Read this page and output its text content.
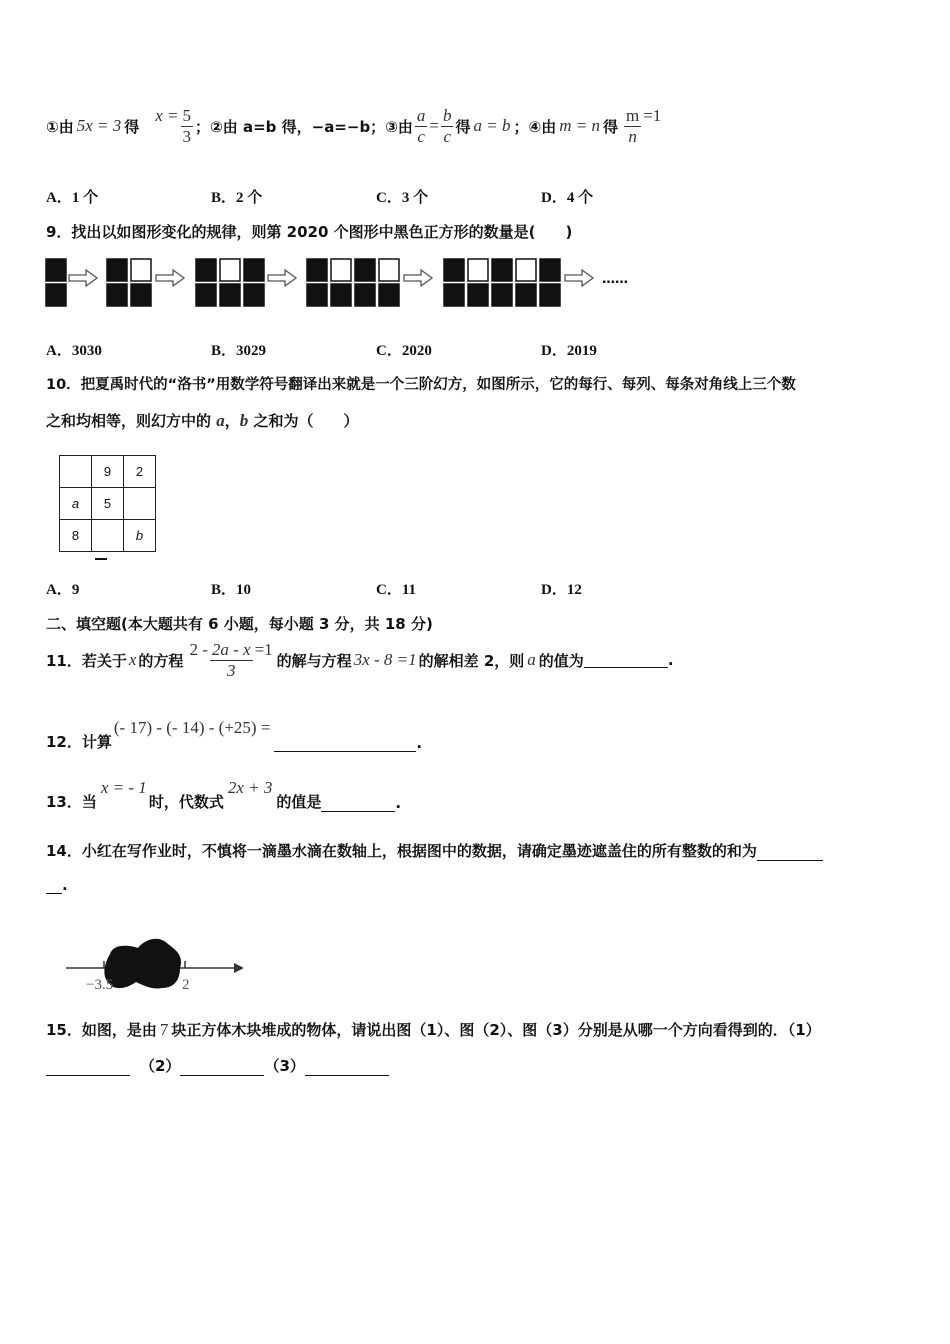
①由 5x = 3 得
$x = \frac{5}{3}$ ； ②由 a=b 得，−a=−b； ③由 $\frac{a}{c} = \frac{b}{c}$ 得 a = b ； ④由 m = n 得 $\frac{m}{n} =1$
A．1 个	B．2 个	C．3 个	D．4 个
9．找出以如图形变化的规律，则第 2020 个图形中黑色正方形的数量是(　　)
……
A．3030	B．3029	C．2020	D．2019
10．把夏禹时代的“洛书”用数学符号翻译出来就是一个三阶幻方，如图所示，它的每行、每列、每条对角线上三个数
之和均相等，则幻方中的 a，b 之和为（　　）
	9	2
a	5	
8		b
A．9	B．10	C．11	D．12
二、填空题(本大题共有 6 小题，每小题 3 分，共 18 分)
11．若关于 x 的方程
$2 - \frac{2a - x}{3} =1$
的解与方程 3x - 8 =1 的解相差 2，则 a 的值为	.
12．计算
(- 17) - (- 14) - (+25) =
.
13．当
x = - 1
时，代数式
2x + 3
的值是	.
14．小红在写作业时，不慎将一滴墨水滴在数轴上，根据图中的数据，请确定墨迹遮盖住的所有整数的和为
.
−3.5	2
15．如图，是由 7 块正方体木块堆成的物体，请说出图（1）、图（2）、图（3）分别是从哪一个方向看得到的．（1）
（2）	（3）
